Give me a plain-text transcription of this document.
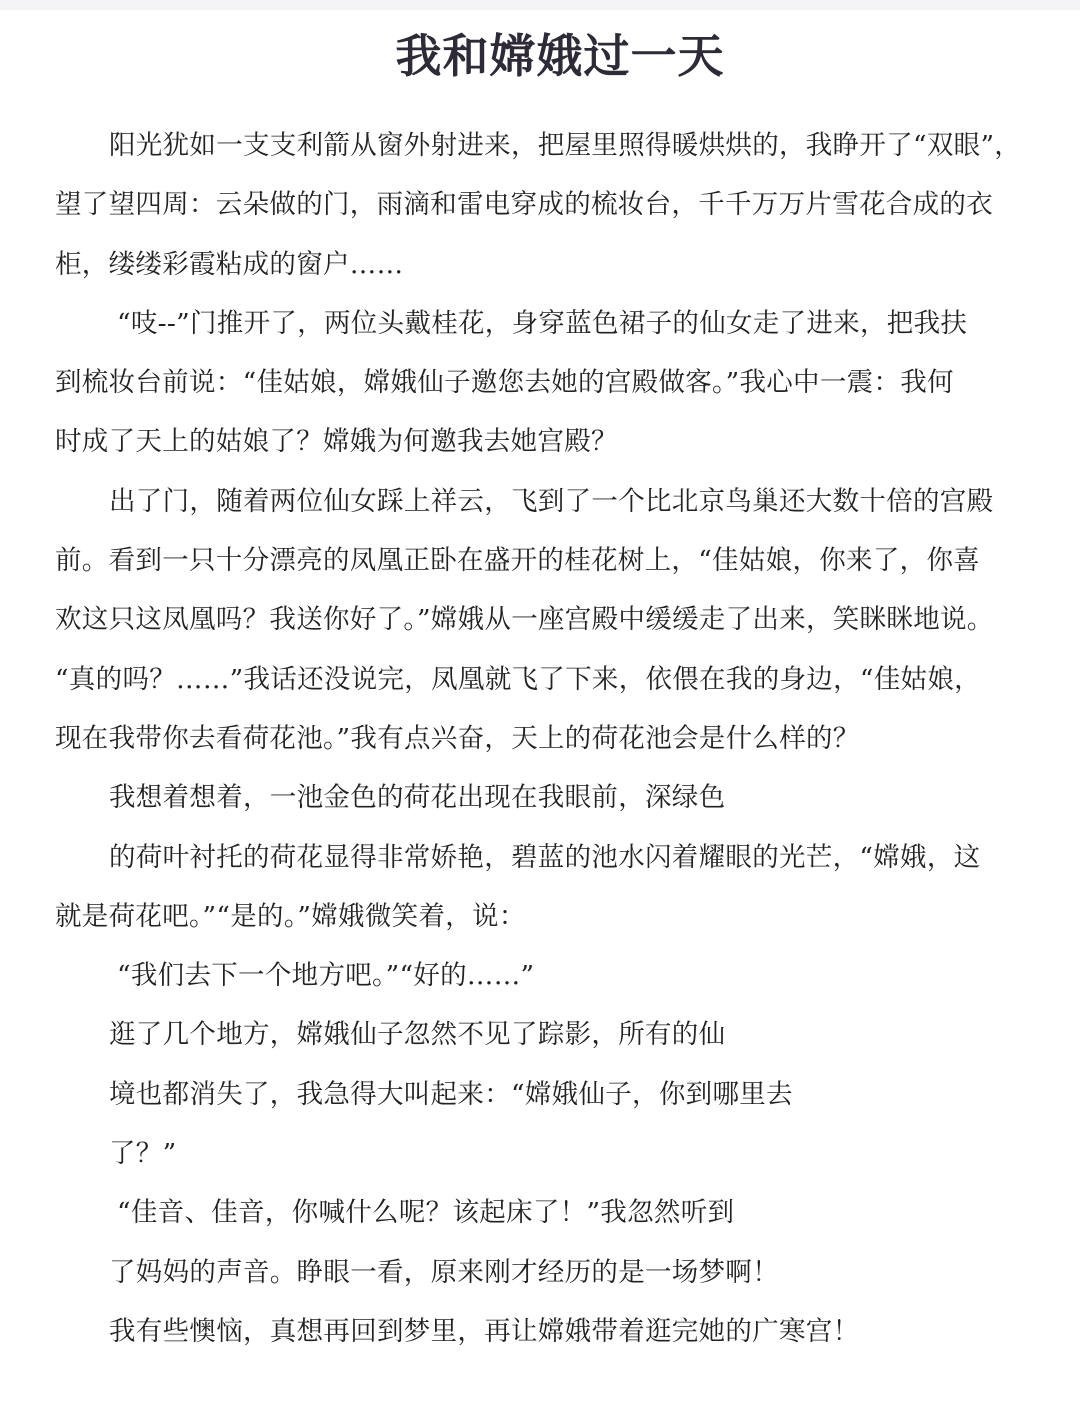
我和嫦娥过一天
阳光犹如一支支利箭从窗外射进来，把屋里照得暖烘烘的，我睁开了“双眼”，
望了望四周：云朵做的门，雨滴和雷电穿成的梳妆台，千千万万片雪花合成的衣
柜，缕缕彩霞粘成的窗户……
“吱--”门推开了，两位头戴桂花，身穿蓝色裙子的仙女走了进来，把我扶
到梳妆台前说：“佳姑娘，嫦娥仙子邀您去她的宫殿做客。”我心中一震：我何
时成了天上的姑娘了？嫦娥为何邀我去她宫殿？
出了门，随着两位仙女踩上祥云，飞到了一个比北京鸟巢还大数十倍的宫殿
前。看到一只十分漂亮的凤凰正卧在盛开的桂花树上，“佳姑娘，你来了，你喜
欢这只这凤凰吗？我送你好了。”嫦娥从一座宫殿中缓缓走了出来，笑眯眯地说。
“真的吗？……”我话还没说完，凤凰就飞了下来，依偎在我的身边，“佳姑娘，
现在我带你去看荷花池。”我有点兴奋，天上的荷花池会是什么样的？
我想着想着，一池金色的荷花出现在我眼前，深绿色
的荷叶衬托的荷花显得非常娇艳，碧蓝的池水闪着耀眼的光芒，“嫦娥，这
就是荷花吧。”“是的。”嫦娥微笑着，说：
“我们去下一个地方吧。”“好的……”
逛了几个地方，嫦娥仙子忽然不见了踪影，所有的仙
境也都消失了，我急得大叫起来：“嫦娥仙子，你到哪里去
了？”
“佳音、佳音，你喊什么呢？该起床了！”我忽然听到
了妈妈的声音。睁眼一看，原来刚才经历的是一场梦啊！
我有些懊恼，真想再回到梦里，再让嫦娥带着逛完她的广寒宫！
